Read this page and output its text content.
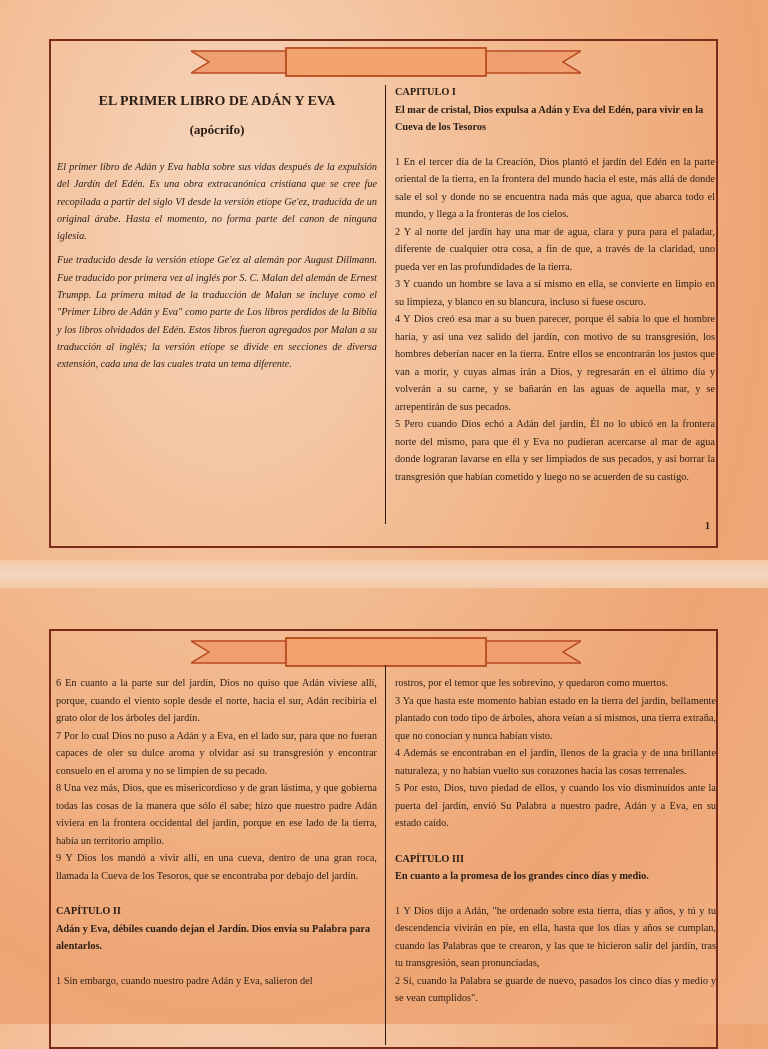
EL PRIMER LIBRO DE ADÁN Y EVA

(apócrifo)

El primer libro de Adán y Eva habla sobre sus vidas después de la expulsión del Jardín del Edén. Es una obra extracanónica cristiana que se cree fue recopilada a partir del siglo VI desde la versión etíope Ge'ez, traducida de un original árabe. Hasta el momento, no forma parte del canon de ninguna iglesia.

Fue traducido desde la versión etíope Ge'ez al alemán por August Dillmann. Fue traducido por primera vez al inglés por S. C. Malan del alemán de Ernest Trumpp. La primera mitad de la traducción de Malan se incluye como el "Primer Libro de Adán y Eva" como parte de Los libros perdidos de la Biblia y los libros olvidados del Edén. Estos libros fueron agregados por Malan a su traducción al inglés; la versión etíope se divide en secciones de diversa extensión, cada una de las cuales trata un tema diferente.

CAPITULO I

El mar de cristal, Dios expulsa a Adán y Eva del Edén, para vivir en la Cueva de los Tesoros

1 En el tercer día de la Creación, Dios plantó el jardín del Edén en la parte oriental de la tierra, en la frontera del mundo hacia el este, más allá de donde sale el sol y donde no se encuentra nada más que agua, que abarca todo el mundo, y llega a la fronteras de los cielos.

2 Y al norte del jardín hay una mar de agua, clara y pura para el paladar, diferente de cualquier otra cosa, a fin de que, a través de la claridad, uno pueda ver en las profundidades de la tierra.

3 Y cuando un hombre se lava a sí mismo en ella, se convierte en limpio en su limpieza, y blanco en su blancura, incluso si fuese oscuro.

4 Y Dios creó esa mar a su buen parecer, porque él sabía lo que el hombre haría, y así una vez salido del jardín, con motivo de su transgresión, los hombres deberían nacer en la tierra. Entre ellos se encontrarán los justos que van a morir, y cuyas almas irán a Dios, y regresarán en el último día y volverán a su carne, y se bañarán en las aguas de aquella mar, y se arrepentirán de sus pecados.

5 Pero cuando Dios echó a Adán del jardín, Él no lo ubicó en la frontera norte del mismo, para que él y Eva no pudieran acercarse al mar de agua donde lograran lavarse en ella y ser limpiados de sus pecados, y así borrar la transgresión que habían cometido y luego no se acuerden de su castigo.

1

6 En cuanto a la parte sur del jardín, Dios no quiso que Adán viviese allí, porque, cuando el viento sople desde el norte, hacia el sur, Adán recibiría el grato olor de los árboles del jardín.

7 Por lo cual Dios no puso a Adán y a Eva, en el lado sur, para que no fueran capaces de oler su dulce aroma y olvidar así su transgresión y encontrar consuelo en el aroma y no se limpien de su pecado.

8 Una vez más, Dios, que es misericordioso y de gran lástima, y que gobierna todas las cosas de la manera que sólo él sabe; hizo que nuestro padre Adán viviera en la frontera occidental del jardín, porque en ese lado de la tierra, había un territorio amplio.

9 Y Dios los mandó a vivir allí, en una cueva, dentro de una gran roca, llamada la Cueva de los Tesoros, que se encontraba por debajo del jardín.

CAPÍTULO II

Adán y Eva, débiles cuando dejan el Jardín. Dios envía su Palabra para alentarlos.

1 Sin embargo, cuando nuestro padre Adán y Eva, salieron del

rostros, por el temor que les sobrevino, y quedaron como muertos.

3 Ya que hasta este momento habían estado en la tierra del jardín, bellamente plantado con todo tipo de árboles, ahora veían a sí mismos, una tierra extraña, que no conocían y nunca habían visto.

4 Además se encontraban en el jardín, llenos de la gracia y de una brillante naturaleza, y no habían vuelto sus corazones hacia las cosas terrenales.

5 Por esto, Dios, tuvo piedad de ellos, y cuando los vio disminuidos ante la puerta del jardín, envió Su Palabra a nuestro padre, Adán y a Eva, en su estado caído.

CAPÍTULO III

En cuanto a la promesa de los grandes cinco días y medio.

1 Y Dios dijo a Adán, "he ordenado sobre esta tierra, días y años, y tú y tu descendencia vivirán en pie, en ella, hasta que los días y años se cumplan, cuando las Palabras que te crearon, y las que te hicieron salir del jardín, tras tu transgresión, sean pronunciadas,

2 Sí, cuando la Palabra se guarde de nuevo, pasados los cinco días y medio y se vean cumplidos".
